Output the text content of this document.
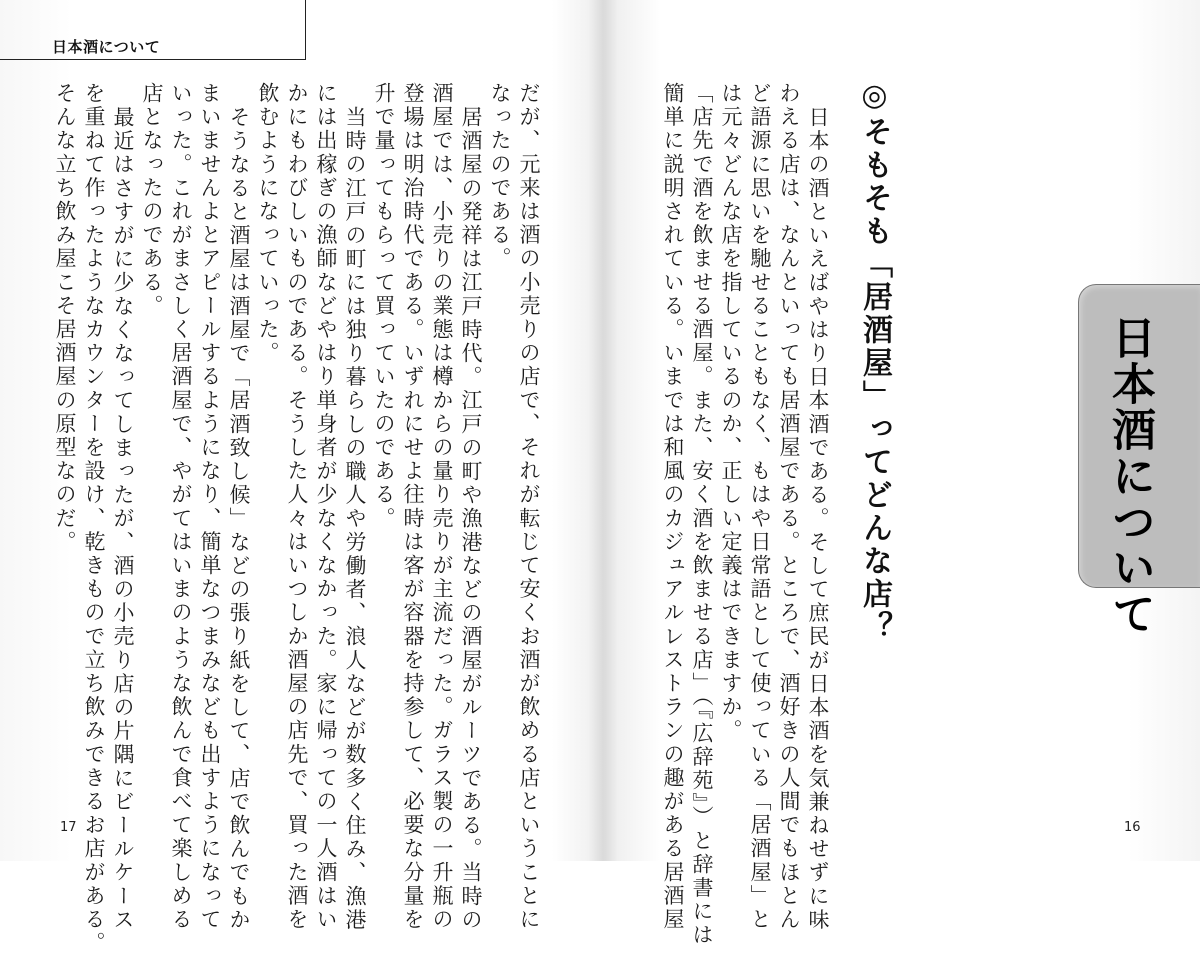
日本酒について
だが、元来は酒の小売りの店で、それが転じて安くお酒が飲める店ということに
なったのである。
居酒屋の発祥は江戸時代。江戸の町や漁港などの酒屋がルーツである。当時の
酒屋では、小売りの業態は樽からの量り売りが主流だった。ガラス製の一升瓶の
登場は明治時代である。いずれにせよ往時は客が容器を持参して、必要な分量を
升で量ってもらって買っていたのである。
当時の江戸の町には独り暮らしの職人や労働者、浪人などが数多く住み、漁港
には出稼ぎの漁師などやはり単身者が少なくなかった。家に帰っての一人酒はい
かにもわびしいものである。そうした人々はいつしか酒屋の店先で、買った酒を
飲むようになっていった。
そうなると酒屋は酒屋で「居酒致し候」などの張り紙をして、店で飲んでもか
まいませんよとアピールするようになり、簡単なつまみなども出すようになって
いった。これがまさしく居酒屋で、やがてはいまのような飲んで食べて楽しめる
店となったのである。
最近はさすがに少なくなってしまったが、酒の小売り店の片隅にビールケース
を重ねて作ったようなカウンターを設け、乾きもので立ち飲みできるお店がある。
そんな立ち飲み屋こそ居酒屋の原型なのだ。
17
◎そもそも「居酒屋」ってどんな店？
日本の酒といえばやはり日本酒である。そして庶民が日本酒を気兼ねせずに味
わえる店は、なんといっても居酒屋である。ところで、酒好きの人間でもほとん
ど語源に思いを馳せることもなく、もはや日常語として使っている「居酒屋」と
は元々どんな店を指しているのか、正しい定義はできますか。
「店先で酒を飲ませる酒屋。また、安く酒を飲ませる店」（『広辞苑』）と辞書には
簡単に説明されている。いまでは和風のカジュアルレストランの趣がある居酒屋	16
日本酒について
